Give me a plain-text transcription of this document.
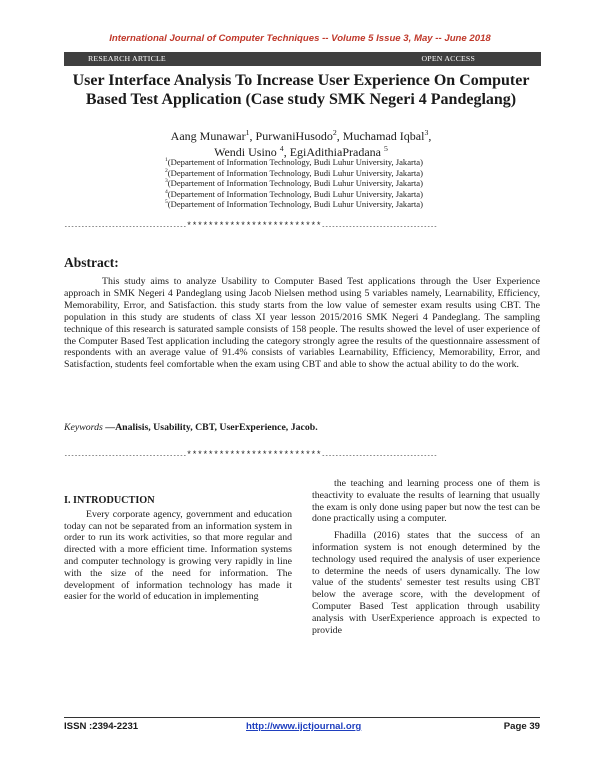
International Journal of Computer Techniques -- Volume 5 Issue 3, May -- June 2018
RESEARCH ARTICLE	OPEN ACCESS
User Interface Analysis To Increase User Experience On Computer
Based Test Application (Case study SMK Negeri 4 Pandeglang)
Aang Munawar$^1$, PurwaniHusodo$^2$, Muchamad Iqbal$^3$,
Wendi Usino $^4$, EgiAdithiaPradana $^5$
$^1$(Departement of Information Technology, Budi Luhur University, Jakarta)
$^2$(Departement of Information Technology, Budi Luhur University, Jakarta)
$^3$(Departement of Information Technology, Budi Luhur University, Jakarta)
$^4$(Departement of Information Technology, Budi Luhur University, Jakarta)
$^5$(Departement of Information Technology, Budi Luhur University, Jakarta)
------------------------------------*************************----------------------------------
Abstract:
This study aims to analyze Usability to Computer Based Test applications through the User Experience approach in SMK Negeri 4 Pandeglang using Jacob Nielsen method using 5 variables namely, Learnability, Efficiency, Memorability, Error, and Satisfaction. this study starts from the low value of semester exam results using CBT. The population in this study are students of class XI year lesson 2015/2016 SMK Negeri 4 Pandeglang. The sampling technique of this research is saturated sample consists of 158 people. The results showed the level of user experience of the Computer Based Test application including the category strongly agree the results of the questionnaire assessment of respondents with an average value of 91.4% consists of variables Learnability, Efficiency, Memorability, Error, and Satisfaction, students feel comfortable when the exam using CBT and able to show the actual ability to do the work.
Keywords —Analisis, Usability, CBT, UserExperience, Jacob.
------------------------------------*************************----------------------------------
I. INTRODUCTION

Every corporate agency, government and education today can not be separated from an information system in order to run its work activities, so that more regular and directed with a more efficient time. Information systems and computer technology is growing very rapidly in line with the size of the need for information. The development of information technology has made it easier for the world of education in implementing

the teaching and learning process one of them is theactivity to evaluate the results of learning that usually the exam is only done using paper but now the test can be done practically using a computer.

Fhadilla (2016) states that the success of an information system is not enough determined by the technology used required the analysis of user experience to determine the needs of users dynamically. The low value of the students' semester test results using CBT below the average score, with the development of Computer Based Test application through usability analysis with UserExperience approach is expected to provide

ISSN :2394-2231	http://www.ijctjournal.org	Page 39
